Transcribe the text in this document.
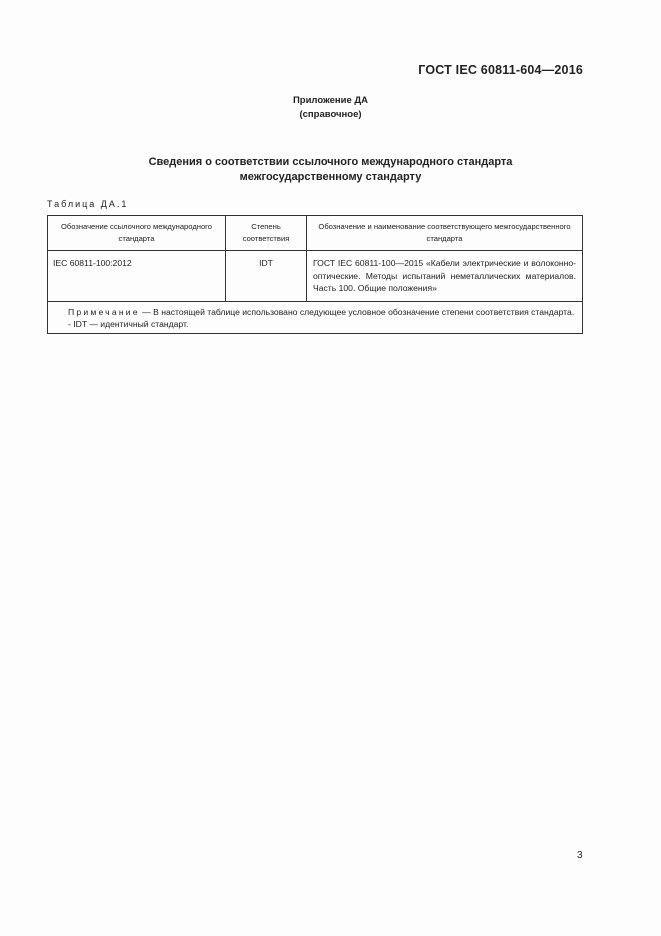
ГОСТ IEC 60811-604—2016
Приложение ДА
(справочное)
Сведения о соответствии ссылочного международного стандарта
межгосударственному стандарту
Таблица ДА.1
Обозначение ссылочного международного стандарта	Степень соответствия	Обозначение и наименование соответствующего межгосударственного стандарта
IEC 60811-100:2012	IDT	ГОСТ IEC 60811-100—2015 «Кабели электрические и волоконно-оптические. Методы испытаний неметаллических материалов. Часть 100. Общие положения»

Примечание — В настоящей таблице использовано следующее условное обозначение степени соответствия стандарта.
- IDT — идентичный стандарт.		
3
